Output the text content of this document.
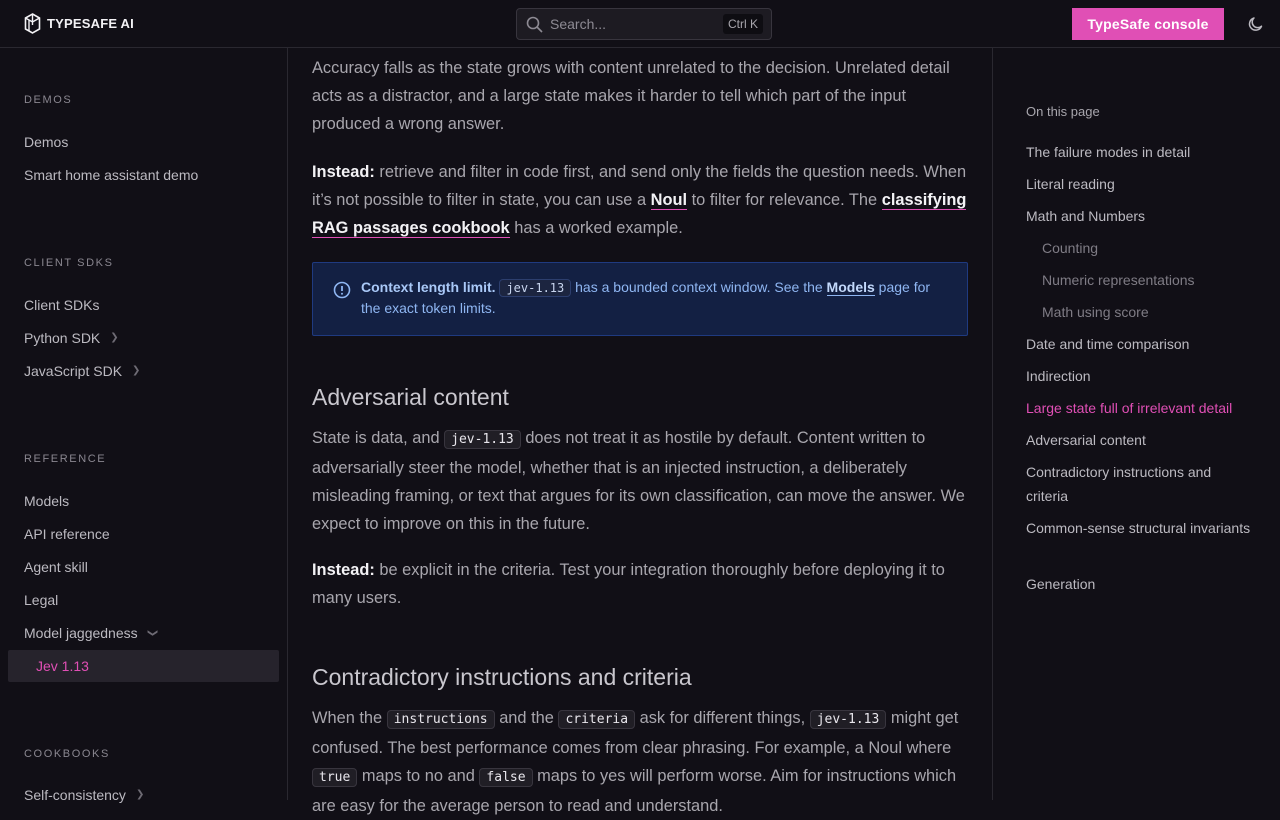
TYPESAFE AI	Search...	Ctrl K	TypeSafe console
DEMOS
Demos
Smart home assistant demo
CLIENT SDKS
Client SDKs
Python SDK ❯
JavaScript SDK ❯
REFERENCE
Models
API reference
Agent skill
Legal
Model jaggedness ❯
Jev 1.13
COOKBOOKS
Self-consistency ❯

Accuracy falls as the state grows with content unrelated to the decision. Unrelated detail acts as a distractor, and a large state makes it harder to tell which part of the input produced a wrong answer.

Instead: retrieve and filter in code first, and send only the fields the question needs. When it’s not possible to filter in state, you can use a Noul to filter for relevance. The classifying RAG passages cookbook has a worked example.

Context length limit. jev-1.13 has a bounded context window. See the Models page for the exact token limits.
Adversarial content

State is data, and jev-1.13 does not treat it as hostile by default. Content written to adversarially steer the model, whether that is an injected instruction, a deliberately misleading framing, or text that argues for its own classification, can move the answer. We expect to improve on this in the future.

Instead: be explicit in the criteria. Test your integration thoroughly before deploying it to many users.

Contradictory instructions and criteria

When the instructions and the criteria ask for different things, jev-1.13 might get confused. The best performance comes from clear phrasing. For example, a Noul where true maps to no and false maps to yes will perform worse. Aim for instructions which are easy for the average person to read and understand.

On this page
The failure modes in detail
Literal reading
Math and Numbers
Counting
Numeric representations
Math using score
Date and time comparison
Indirection
Large state full of irrelevant detail
Adversarial content
Contradictory instructions and criteria
Common-sense structural invariants
Generation
